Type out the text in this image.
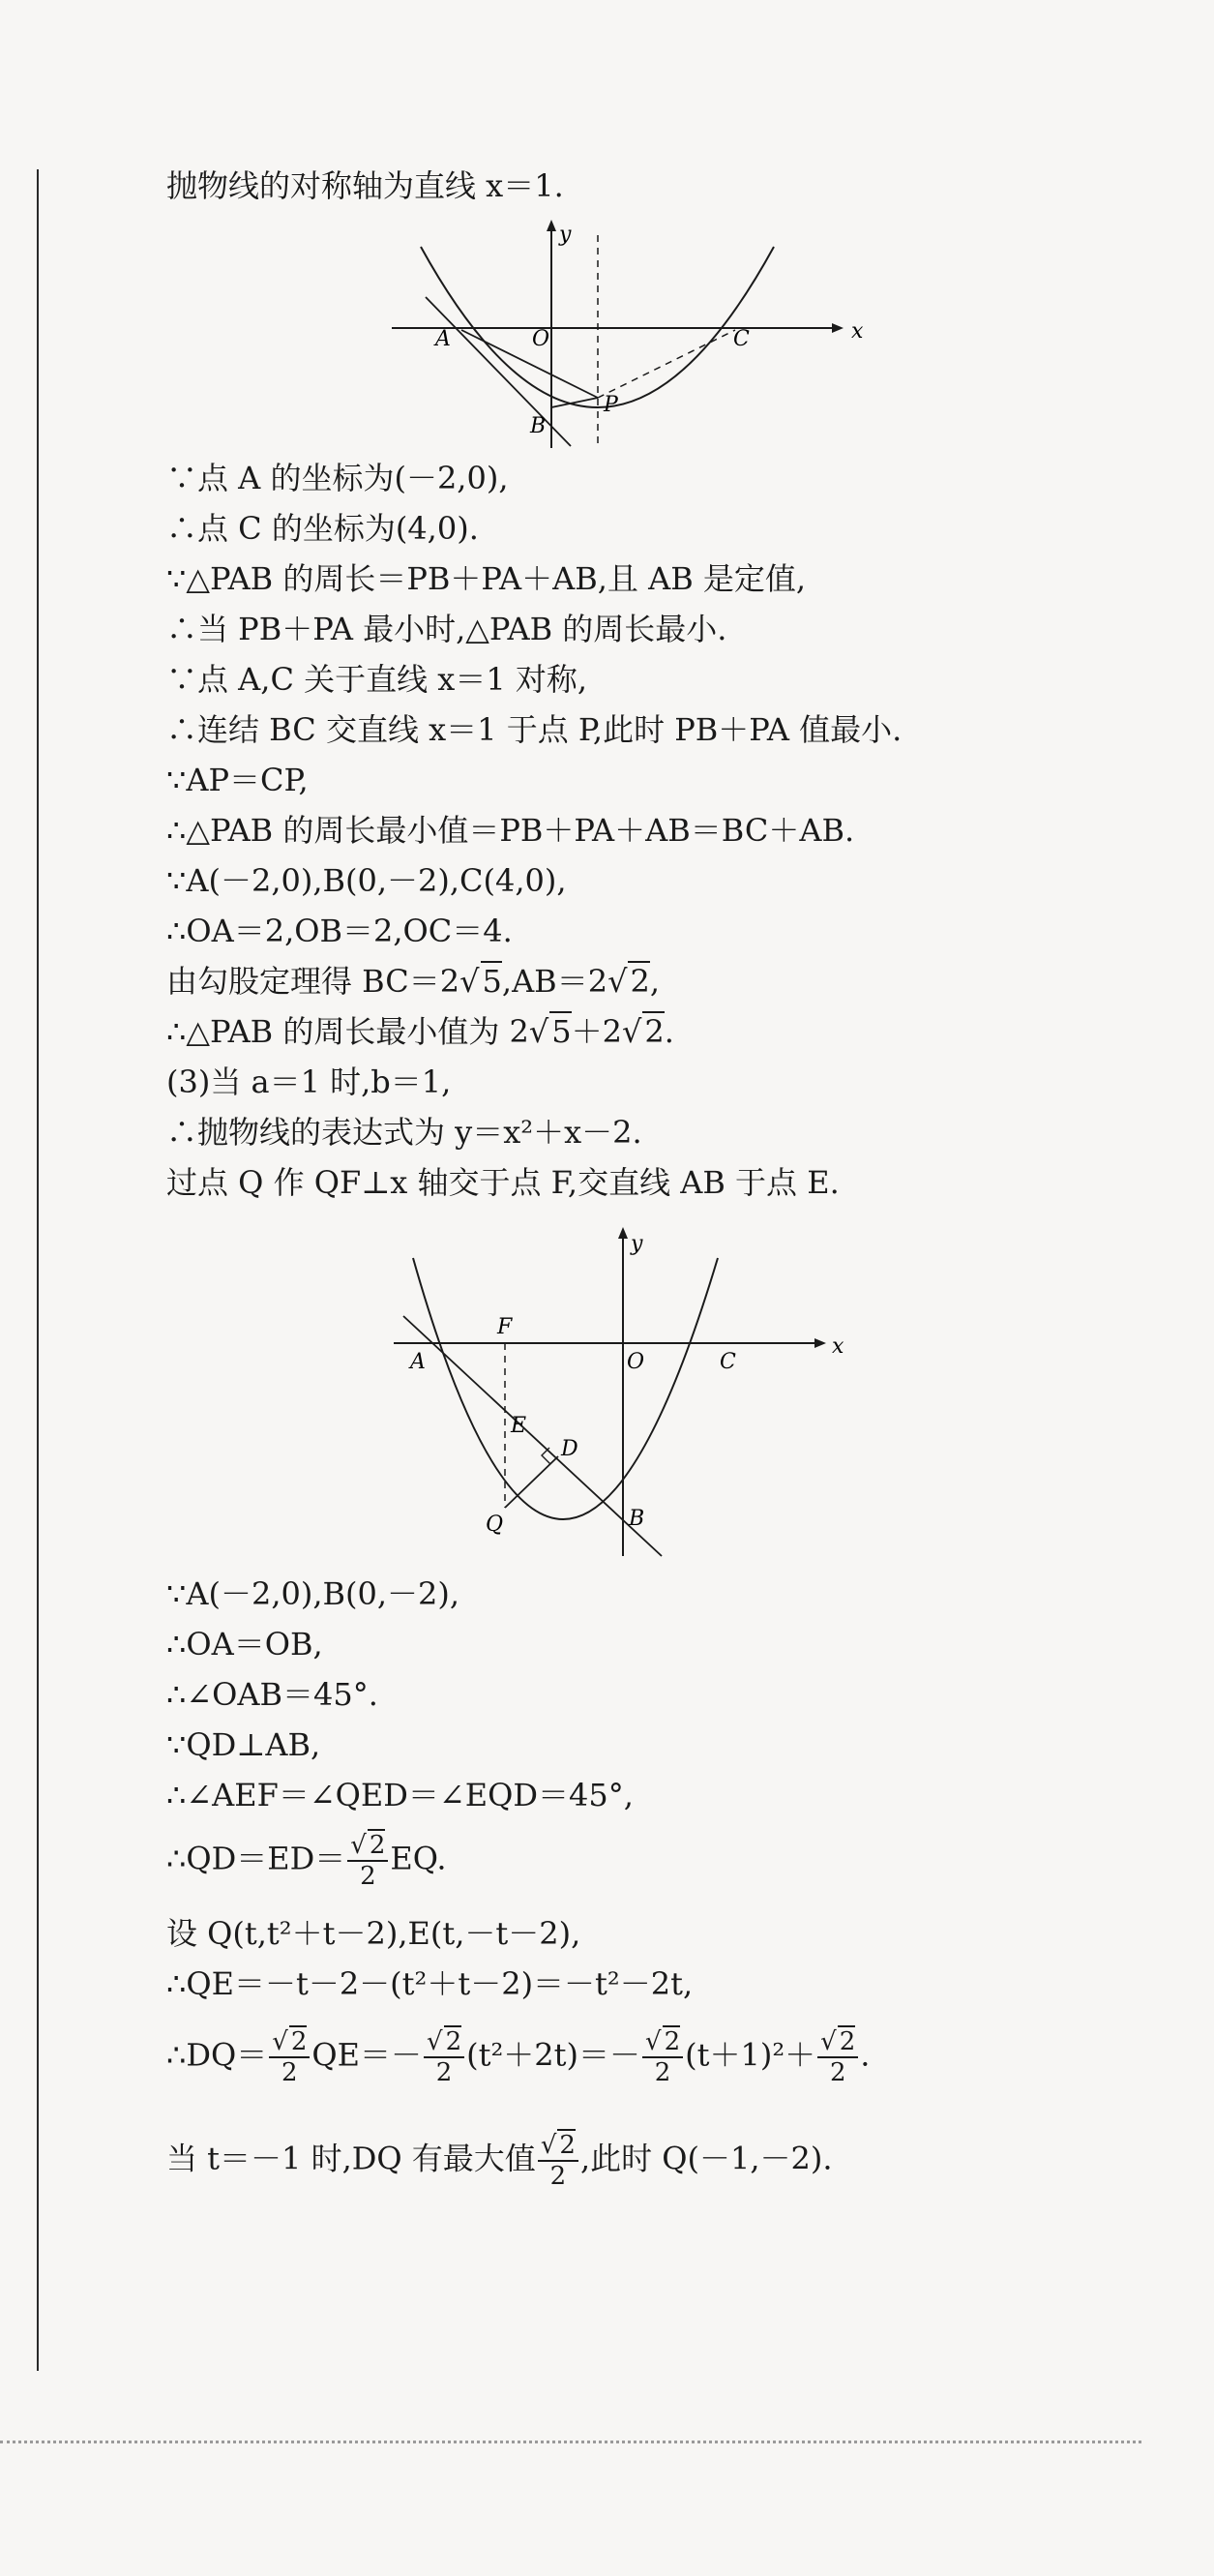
抛物线的对称轴为直线 x＝1.
y
x
A	O	C
P
B
∵点 A 的坐标为(－2,0),
∴点 C 的坐标为(4,0).
∵△PAB 的周长＝PB＋PA＋AB,且 AB 是定值,
∴当 PB＋PA 最小时,△PAB 的周长最小.
∵点 A,C 关于直线 x＝1 对称,
∴连结 BC 交直线 x＝1 于点 P,此时 PB＋PA 值最小.
∵AP＝CP,
∴△PAB 的周长最小值＝PB＋PA＋AB＝BC＋AB.
∵A(－2,0),B(0,－2),C(4,0),
∴OA＝2,OB＝2,OC＝4.
由勾股定理得 BC＝2√5,AB＝2√2,
∴△PAB 的周长最小值为 2√5＋2√2.
(3)当 a＝1 时,b＝1,
∴抛物线的表达式为 y＝x²＋x－2.
过点 Q 作 QF⊥x 轴交于点 F,交直线 AB 于点 E.
y
x
F
A	O	C
E
D
Q	B
∵A(－2,0),B(0,－2),
∴OA＝OB,
∴∠OAB＝45°.
∵QD⊥AB,
∴∠AEF＝∠QED＝∠EQD＝45°,
∴QD＝ED＝ $\frac{√ 2}{2}$ EQ.
设 Q(t,t²＋t－2),E(t,－t－2),
∴QE＝－t－2－(t²＋t－2)＝－t²－2t,
∴DQ＝ $\frac{√ 2}{2} QE=- \frac{√ 2}{2} (t^2+2t)=- \frac{√ 2}{2} (t+1)^2+ \frac{√ 2}{2}$ .
当 t＝－1 时,DQ 有最大值 $\frac{√ 2}{2}$ ,此时 Q(－1,－2).
